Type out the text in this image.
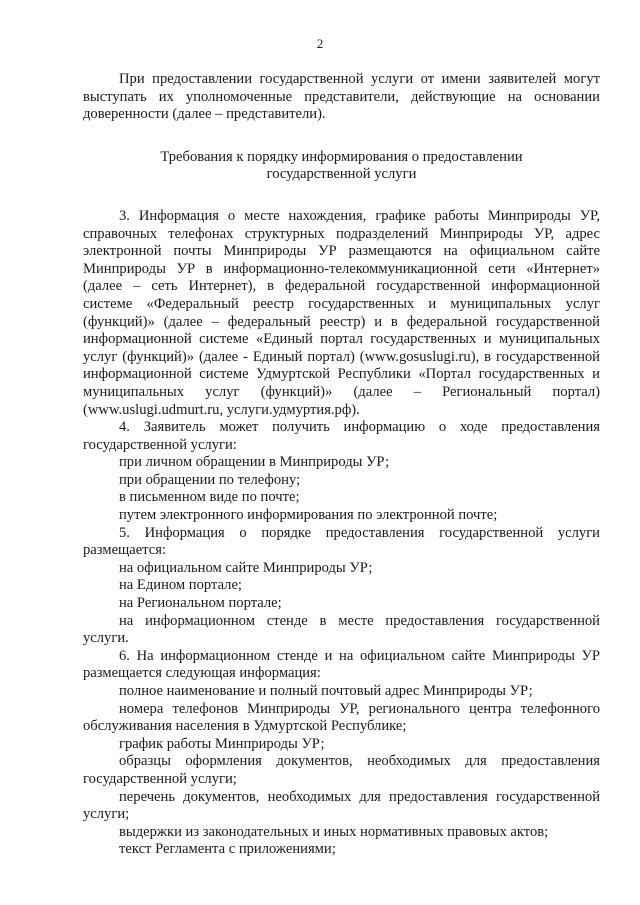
2

При предоставлении государственной услуги от имени заявителей могут выступать их уполномоченные представители, действующие на основании доверенности (далее – представители).

Требования к порядку информирования о предоставлении государственной услуги

3. Информация о месте нахождения, графике работы Минприроды УР, справочных телефонах структурных подразделений Минприроды УР, адрес электронной почты Минприроды УР размещаются на официальном сайте Минприроды УР в информационно-телекоммуникационной сети «Интернет» (далее – сеть Интернет), в федеральной государственной информационной системе «Федеральный реестр государственных и муниципальных услуг (функций)» (далее – федеральный реестр) и в федеральной государственной информационной системе «Единый портал государственных и муниципальных услуг (функций)» (далее - Единый портал) (www.gosuslugi.ru), в государственной информационной системе Удмуртской Республики «Портал государственных и муниципальных услуг (функций)» (далее – Региональный портал) (www.uslugi.udmurt.ru, услуги.удмуртия.рф).

4. Заявитель может получить информацию о ходе предоставления государственной услуги:

при личном обращении в Минприроды УР;

при обращении по телефону;

в письменном виде по почте;

путем электронного информирования по электронной почте;

5. Информация о порядке предоставления государственной услуги размещается:

на официальном сайте Минприроды УР;

на Едином портале;

на Региональном портале;

на информационном стенде в месте предоставления государственной услуги.

6. На информационном стенде и на официальном сайте Минприроды УР размещается следующая информация:

полное наименование и полный почтовый адрес Минприроды УР;

номера телефонов Минприроды УР, регионального центра телефонного обслуживания населения в Удмуртской Республике;

график работы Минприроды УР;

образцы оформления документов, необходимых для предоставления государственной услуги;

перечень документов, необходимых для предоставления государственной услуги;

выдержки из законодательных и иных нормативных правовых актов;

текст Регламента с приложениями;
